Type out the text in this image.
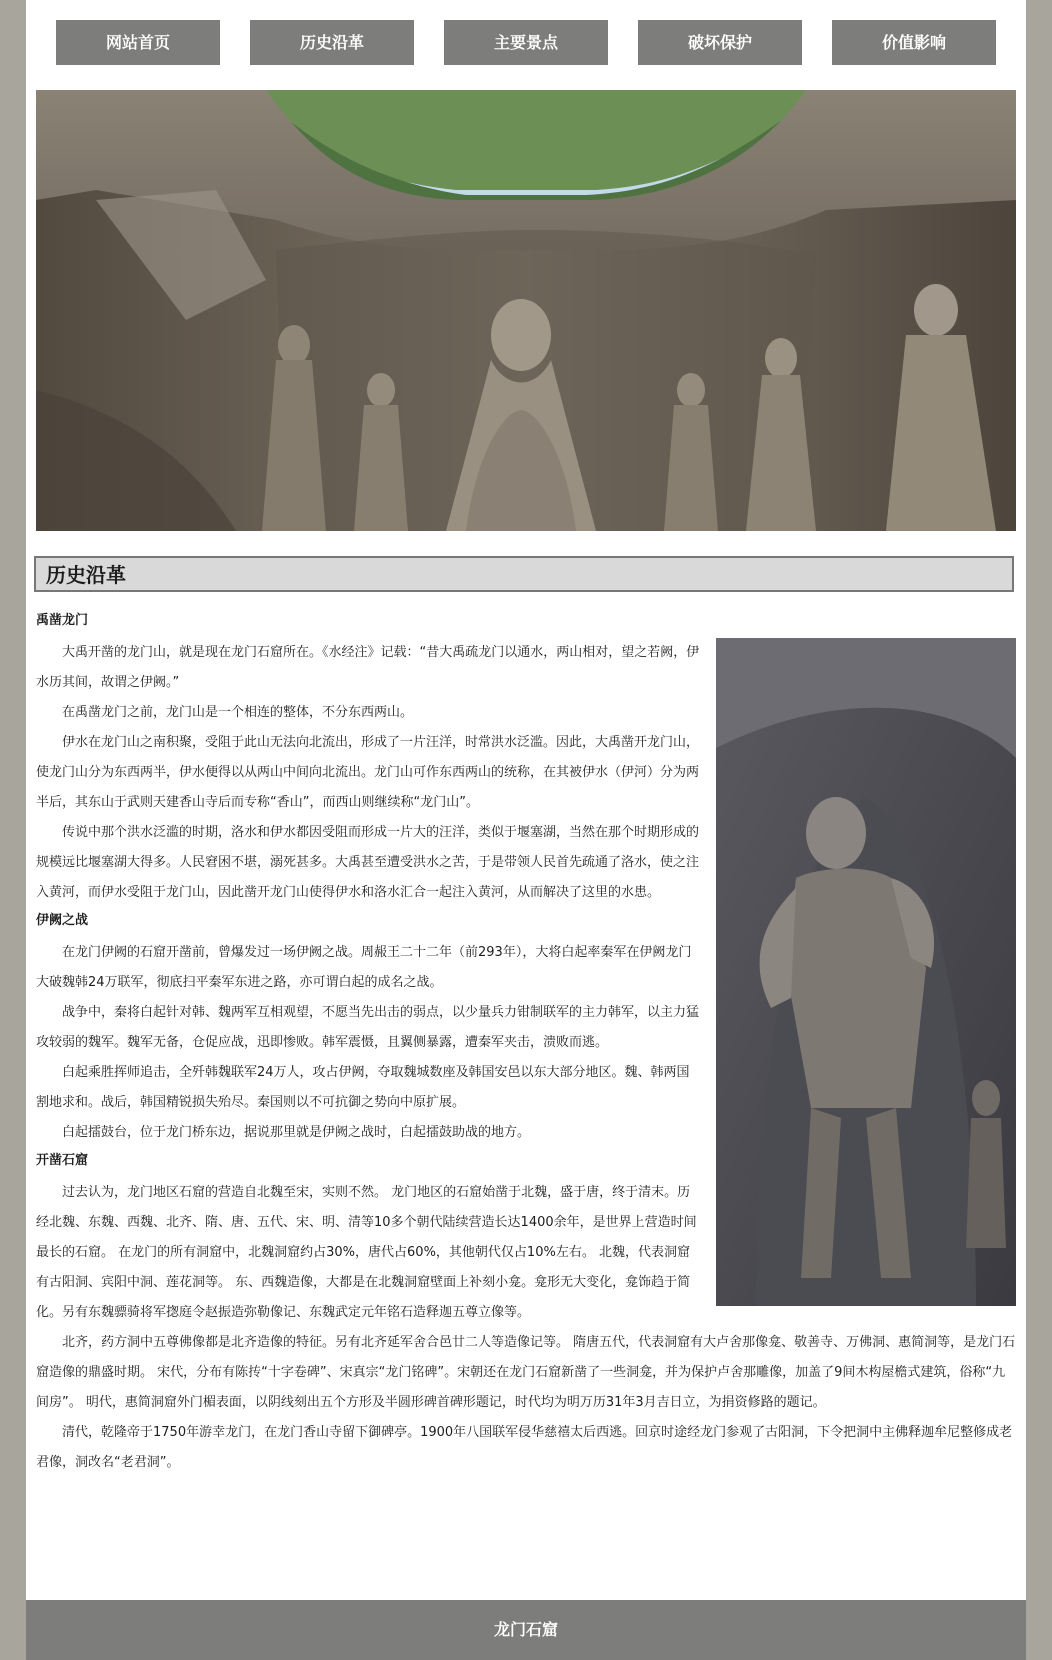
网站首页	历史沿革	主要景点	破坏保护	价值影响
历史沿革
禹凿龙门

大禹开凿的龙门山，就是现在龙门石窟所在。《水经注》记载：“昔大禹疏龙门以通水，两山相对，望之若阙，伊水历其间，故谓之伊阙。”

在禹凿龙门之前，龙门山是一个相连的整体，不分东西两山。

伊水在龙门山之南积聚，受阻于此山无法向北流出，形成了一片汪洋，时常洪水泛滥。因此，大禹凿开龙门山，使龙门山分为东西两半，伊水便得以从两山中间向北流出。龙门山可作东西两山的统称，在其被伊水（伊河）分为两半后，其东山于武则天建香山寺后而专称“香山”，而西山则继续称“龙门山”。

传说中那个洪水泛滥的时期，洛水和伊水都因受阻而形成一片大的汪洋，类似于堰塞湖，当然在那个时期形成的规模远比堰塞湖大得多。人民窘困不堪，溺死甚多。大禹甚至遭受洪水之苦，于是带领人民首先疏通了洛水，使之注入黄河，而伊水受阻于龙门山，因此凿开龙门山使得伊水和洛水汇合一起注入黄河，从而解决了这里的水患。

伊阙之战

在龙门伊阙的石窟开凿前，曾爆发过一场伊阙之战。周赧王二十二年（前293年），大将白起率秦军在伊阙龙门大破魏韩24万联军，彻底扫平秦军东进之路，亦可谓白起的成名之战。

战争中，秦将白起针对韩、魏两军互相观望，不愿当先出击的弱点，以少量兵力钳制联军的主力韩军，以主力猛攻较弱的魏军。魏军无备，仓促应战，迅即惨败。韩军震慑，且翼侧暴露，遭秦军夹击，溃败而逃。

白起乘胜挥师追击，全歼韩魏联军24万人，攻占伊阙，夺取魏城数座及韩国安邑以东大部分地区。魏、韩两国割地求和。战后，韩国精锐损失殆尽。秦国则以不可抗御之势向中原扩展。

白起擂鼓台，位于龙门桥东边，据说那里就是伊阙之战时，白起擂鼓助战的地方。

开凿石窟

过去认为，龙门地区石窟的营造自北魏至宋，实则不然。 龙门地区的石窟始凿于北魏，盛于唐，终于清末。历经北魏、东魏、西魏、北齐、隋、唐、五代、宋、明、清等10多个朝代陆续营造长达1400余年，是世界上营造时间最长的石窟。 在龙门的所有洞窟中，北魏洞窟约占30%，唐代占60%，其他朝代仅占10%左右。 北魏，代表洞窟有古阳洞、宾阳中洞、莲花洞等。 东、西魏造像，大都是在北魏洞窟壁面上补刻小龛。龛形无大变化，龛饰趋于简化。另有东魏骠骑将军揔庭令赵振造弥勒像记、东魏武定元年铭石造释迦五尊立像等。

北齐，药方洞中五尊佛像都是北齐造像的特征。另有北齐延军舍合邑廿二人等造像记等。 隋唐五代，代表洞窟有大卢舍那像龛、敬善寺、万佛洞、惠简洞等，是龙门石窟造像的鼎盛时期。 宋代，分布有陈抟“十字卷碑”、宋真宗“龙门铭碑”。宋朝还在龙门石窟新凿了一些洞龛，并为保护卢舍那雕像，加盖了9间木构屋檐式建筑，俗称“九间房”。 明代，惠简洞窟外门楣表面，以阴线刻出五个方形及半圆形碑首碑形题记，时代均为明万历31年3月吉日立，为捐资修路的题记。

清代，乾隆帝于1750年游幸龙门，在龙门香山寺留下御碑亭。1900年八国联军侵华慈禧太后西逃。回京时途经龙门参观了古阳洞，下令把洞中主佛释迦牟尼整修成老君像，洞改名“老君洞”。

龙门石窟
